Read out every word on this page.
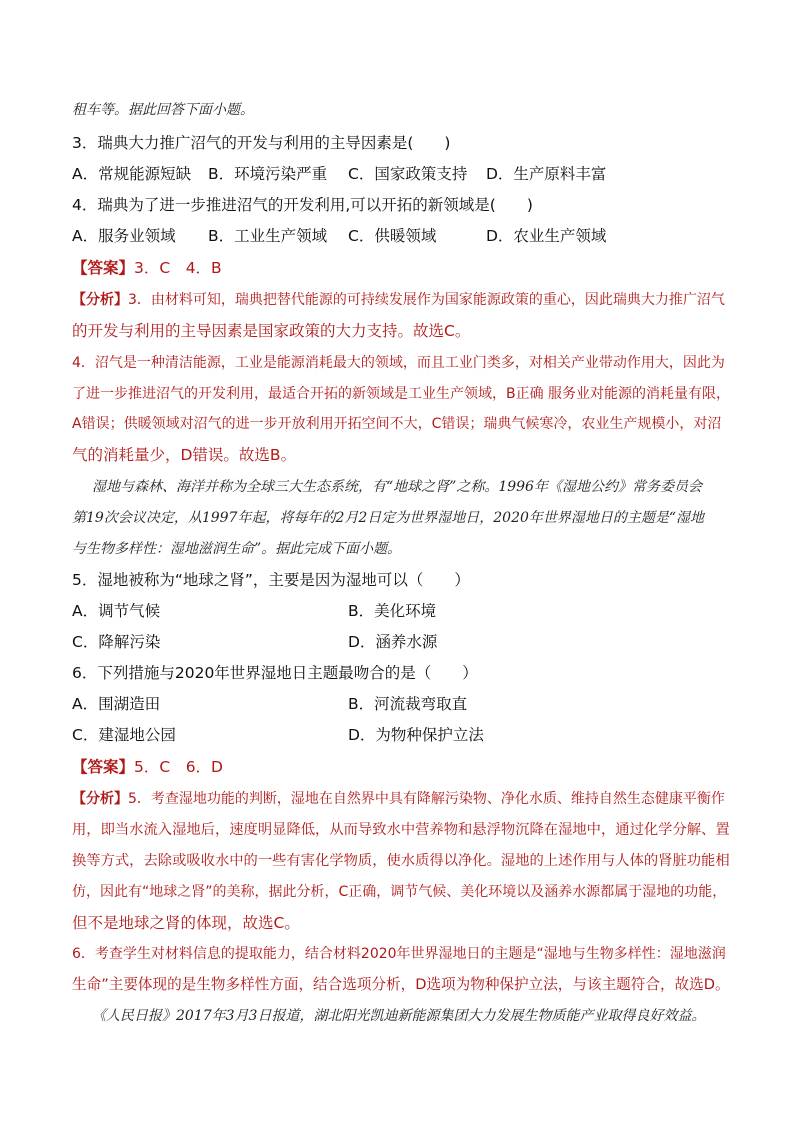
租车等。据此回答下面小题。
3．瑞典大力推广沼气的开发与利用的主导因素是(　　)
A．常规能源短缺 B．环境污染严重 C．国家政策支持 D．生产原料丰富
4．瑞典为了进一步推进沼气的开发利用,可以开拓的新领域是(　　)
A．服务业领域 B．工业生产领域 C．供暖领域	D．农业生产领域
【答案】3．C　4．B
【分析】3．由材料可知，瑞典把替代能源的可持续发展作为国家能源政策的重心，因此瑞典大力推广沼气
的开发与利用的主导因素是国家政策的大力支持。故选C。
4．沼气是一种清洁能源，工业是能源消耗最大的领域，而且工业门类多，对相关产业带动作用大，因此为
了进一步推进沼气的开发利用，最适合开拓的新领域是工业生产领域，B正确 服务业对能源的消耗量有限，
A错误；供暖领域对沼气的进一步开放利用开拓空间不大，C错误；瑞典气候寒冷，农业生产规模小，对沼
气的消耗量少，D错误。故选B。
湿地与森林、海洋并称为全球三大生态系统，有“地球之肾”之称。1996年《湿地公约》常务委员会
第19次会议决定，从1997年起，将每年的2月2日定为世界湿地日，2020年世界湿地日的主题是“湿地
与生物多样性：湿地滋润生命”。据此完成下面小题。
5．湿地被称为“地球之肾”，主要是因为湿地可以（　　）
A．调节气候	B．美化环境
C．降解污染	D．涵养水源
6．下列措施与2020年世界湿地日主题最吻合的是（　　）
A．围湖造田	B．河流裁弯取直
C．建湿地公园	D．为物种保护立法
【答案】5．C　6．D
【分析】5．考查湿地功能的判断，湿地在自然界中具有降解污染物、净化水质、维持自然生态健康平衡作
用，即当水流入湿地后，速度明显降低，从而导致水中营养物和悬浮物沉降在湿地中，通过化学分解、置
换等方式，去除或吸收水中的一些有害化学物质，使水质得以净化。湿地的上述作用与人体的肾脏功能相
仿，因此有“地球之肾”的美称，据此分析，C正确，调节气候、美化环境以及涵养水源都属于湿地的功能，
但不是地球之肾的体现，故选C。
6．考查学生对材料信息的提取能力，结合材料2020年世界湿地日的主题是“湿地与生物多样性：湿地滋润
生命”主要体现的是生物多样性方面，结合选项分析，D选项为物种保护立法，与该主题符合，故选D。
《人民日报》2017年3月3日报道，湖北阳光凯迪新能源集团大力发展生物质能产业取得良好效益。
